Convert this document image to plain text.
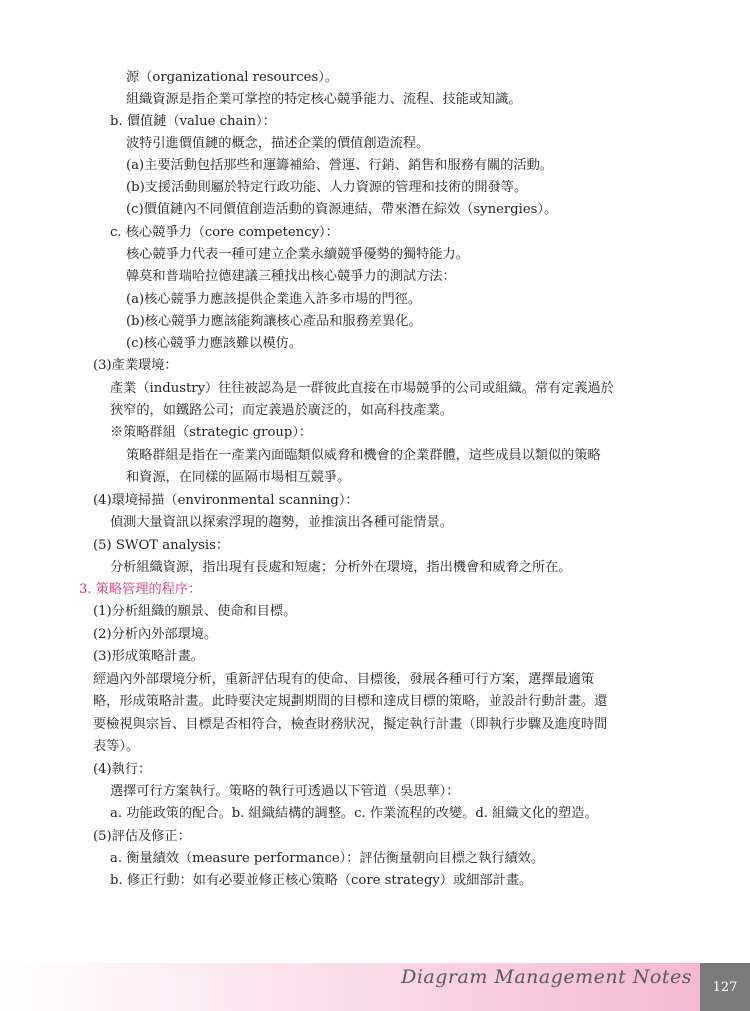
源（organizational resources）。
組織資源是指企業可掌控的特定核心競爭能力、流程、技能或知識。
b. 價值鏈（value chain）：
波特引進價值鏈的概念，描述企業的價值創造流程。
(a)主要活動包括那些和運籌補給、營運、行銷、銷售和服務有關的活動。
(b)支援活動則屬於特定行政功能、人力資源的管理和技術的開發等。
(c)價值鏈內不同價值創造活動的資源連結，帶來潛在綜效（synergies）。
c. 核心競爭力（core competency）：
核心競爭力代表一種可建立企業永續競爭優勢的獨特能力。
韓莫和普瑞哈拉德建議三種找出核心競爭力的測試方法：
(a)核心競爭力應該提供企業進入許多市場的門徑。
(b)核心競爭力應該能夠讓核心產品和服務差異化。
(c)核心競爭力應該難以模仿。
(3)產業環境：
產業（industry）往往被認為是一群彼此直接在市場競爭的公司或組織。常有定義過於
狹窄的，如鐵路公司；而定義過於廣泛的，如高科技產業。
※策略群組（strategic group）：
策略群組是指在一產業內面臨類似威脅和機會的企業群體，這些成員以類似的策略
和資源，在同樣的區隔市場相互競爭。
(4)環境掃描（environmental scanning）：
偵測大量資訊以探索浮現的趨勢，並推演出各種可能情景。
(5) SWOT analysis：
分析組織資源，指出現有長處和短處；分析外在環境，指出機會和威脅之所在。
3. 策略管理的程序：
(1)分析組織的願景、使命和目標。
(2)分析內外部環境。
(3)形成策略計畫。
經過內外部環境分析，重新評估現有的使命、目標後，發展各種可行方案，選擇最適策
略，形成策略計畫。此時要決定規劃期間的目標和達成目標的策略，並設計行動計畫。還
要檢視與宗旨、目標是否相符合，檢查財務狀況，擬定執行計畫（即執行步驟及進度時間
表等）。
(4)執行：
選擇可行方案執行。策略的執行可透過以下管道（吳思華）：
a. 功能政策的配合。b. 組織結構的調整。c. 作業流程的改變。d. 組織文化的塑造。
(5)評估及修正：
a. 衡量績效（measure performance）：評估衡量朝向目標之執行績效。
b. 修正行動：如有必要並修正核心策略（core strategy）或細部計畫。
Diagram Management Notes	127
